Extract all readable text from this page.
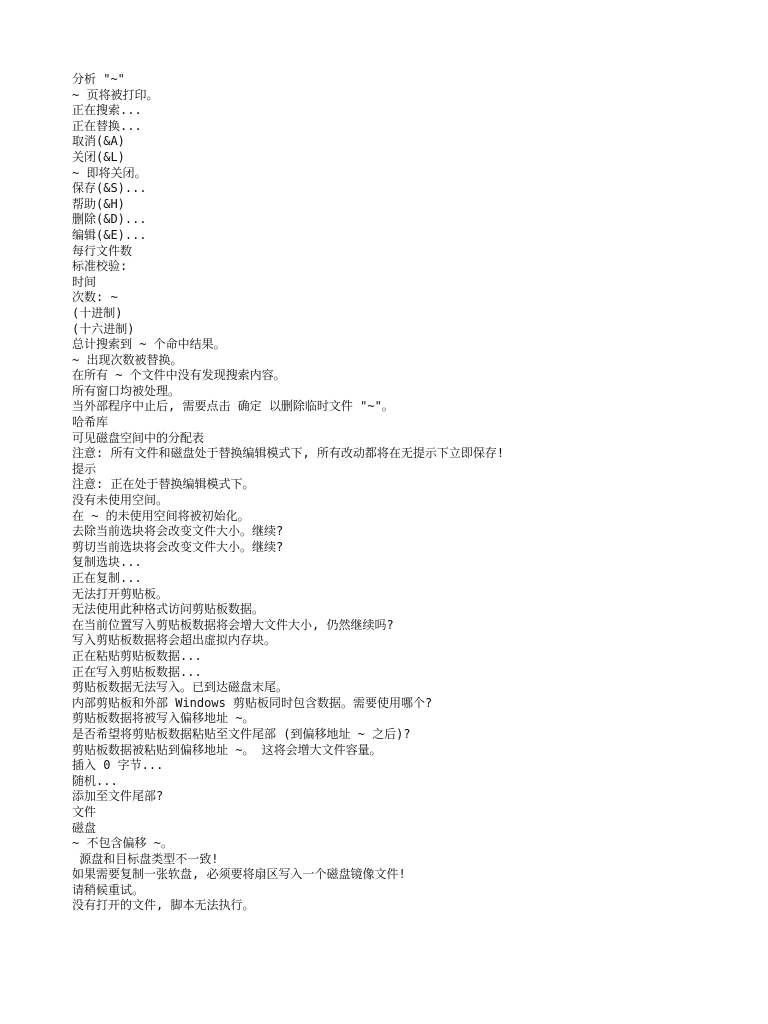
分析 "~"
~ 页将被打印。
正在搜索...
正在替换...
取消(&A)
关闭(&L)
~ 即将关闭。
保存(&S)...
帮助(&H)
删除(&D)...
编辑(&E)...
每行文件数
标准校验:
时间
次数: ~
(十进制)
(十六进制)
总计搜索到 ~ 个命中结果。
~ 出现次数被替换。
在所有 ~ 个文件中没有发现搜索内容。
所有窗口均被处理。
当外部程序中止后, 需要点击 确定 以删除临时文件 "~"。
哈希库
可见磁盘空间中的分配表
注意: 所有文件和磁盘处于替换编辑模式下, 所有改动都将在无提示下立即保存!
提示
注意: 正在处于替换编辑模式下。
没有未使用空间。
在 ~ 的未使用空间将被初始化。
去除当前选块将会改变文件大小。继续?
剪切当前选块将会改变文件大小。继续?
复制选块...
正在复制...
无法打开剪贴板。
无法使用此种格式访问剪贴板数据。
在当前位置写入剪贴板数据将会增大文件大小, 仍然继续吗?
写入剪贴板数据将会超出虚拟内存块。
正在粘贴剪贴板数据...
正在写入剪贴板数据...
剪贴板数据无法写入。已到达磁盘末尾。
内部剪贴板和外部 Windows 剪贴板同时包含数据。需要使用哪个?
剪贴板数据将被写入偏移地址 ~。
是否希望将剪贴板数据粘贴至文件尾部 (到偏移地址 ~ 之后)?
剪贴板数据被粘贴到偏移地址 ~。 这将会增大文件容量。
插入 0 字节...
随机...
添加至文件尾部?
文件
磁盘
~ 不包含偏移 ~。
源盘和目标盘类型不一致!
如果需要复制一张软盘, 必须要将扇区写入一个磁盘镜像文件!
请稍候重试。
没有打开的文件, 脚本无法执行。
